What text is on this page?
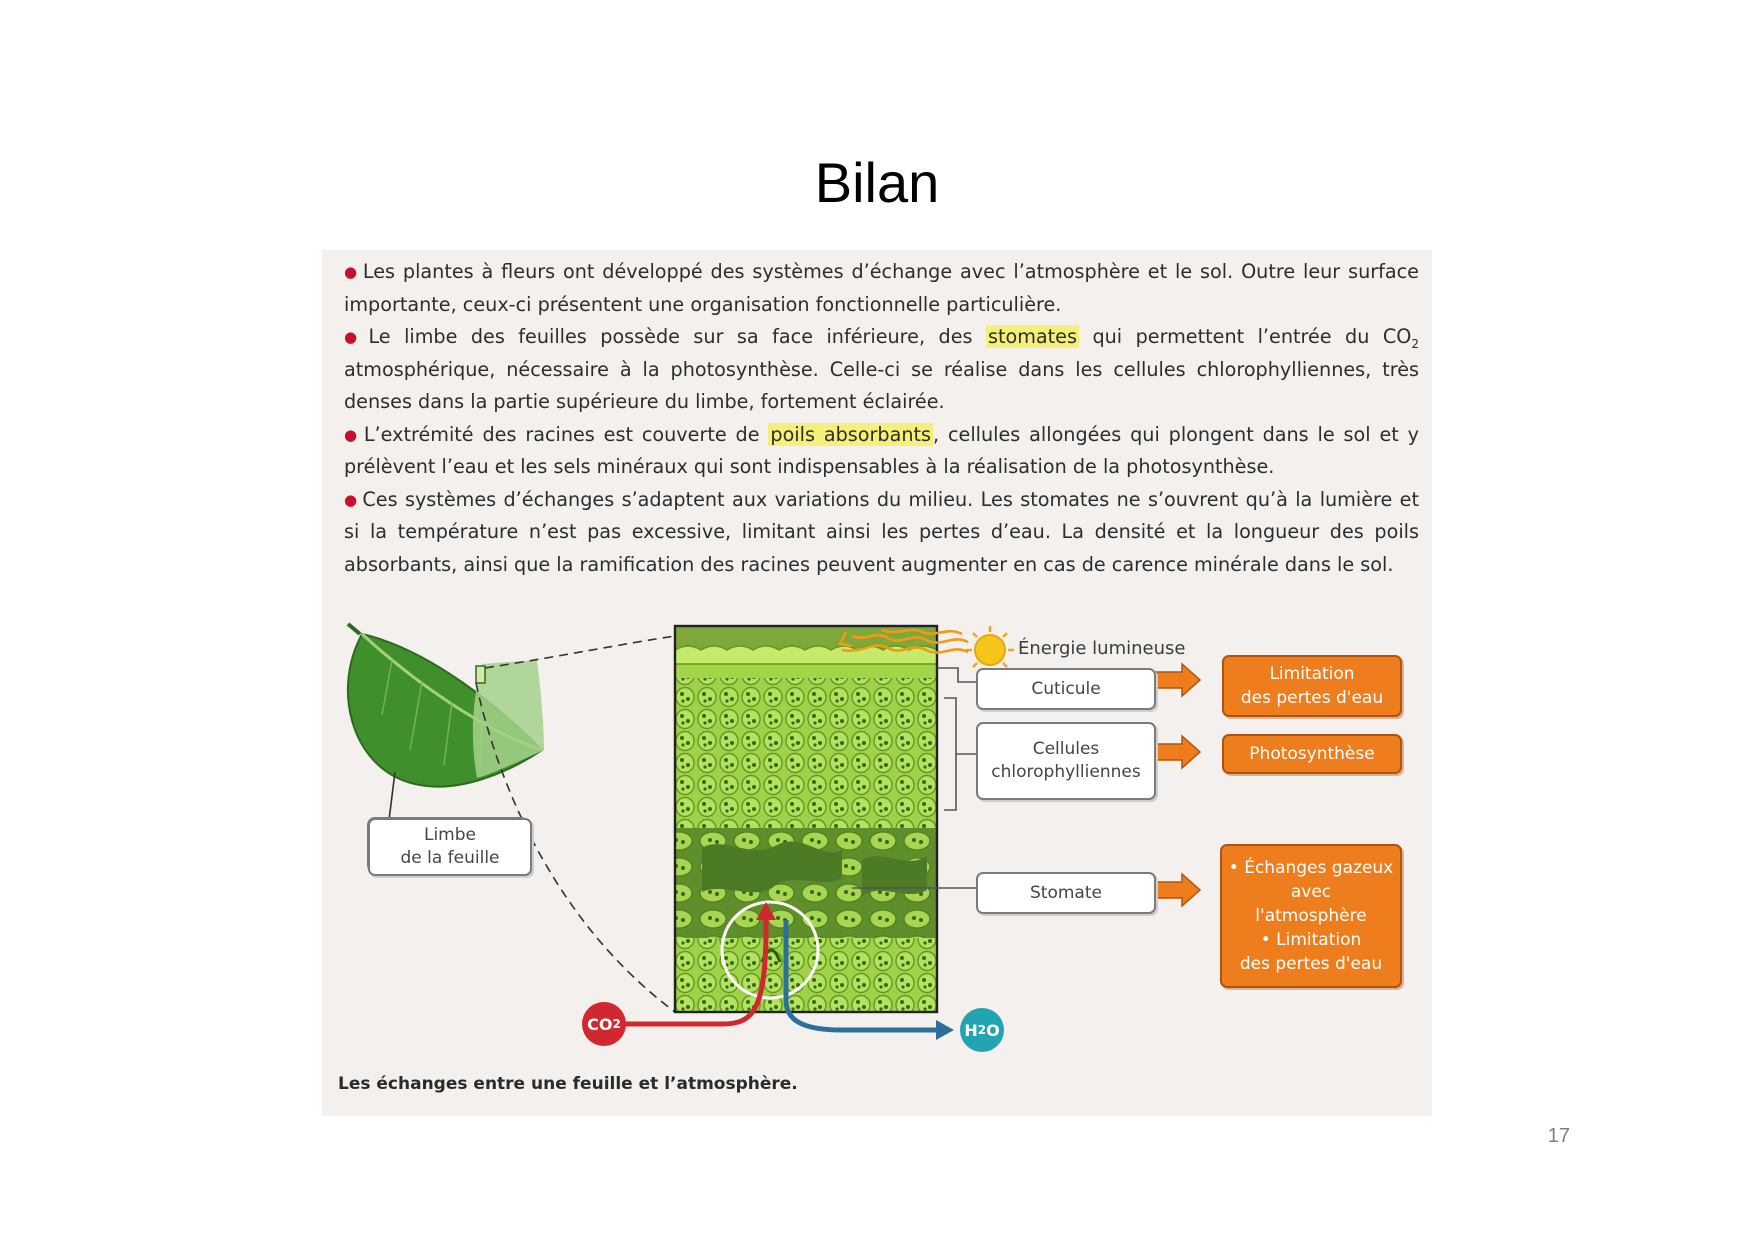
Bilan

● Les plantes à fleurs ont développé des systèmes d’échange avec l’atmosphère et le sol. Outre leur surface importante, ceux-ci présentent une organisation fonctionnelle particulière.

● Le limbe des feuilles possède sur sa face inférieure, des stomates qui permettent l’entrée du $CO_2$ atmosphérique, nécessaire à la photosynthèse. Celle-ci se réalise dans les cellules chlorophylliennes, très denses dans la partie supérieure du limbe, fortement éclairée.

● L’extrémité des racines est couverte de poils absorbants , cellules allongées qui plongent dans le sol et y prélèvent l’eau et les sels minéraux qui sont indispensables à la réalisation de la photosynthèse.

● Ces systèmes d’échanges s’adaptent aux variations du milieu. Les stomates ne s’ouvrent qu’à la lumière et si la température n’est pas excessive, limitant ainsi les pertes d’eau. La densité et la longueur des poils absorbants, ainsi que la ramification des racines peuvent augmenter en cas de carence minérale dans le sol.

Limbe
de la feuille
Énergie lumineuse
Cuticule
Cellules
chlorophylliennes
Stomate
Limitation
des pertes d'eau
Photosynthèse
• Échanges gazeux
avec
l'atmosphère
• Limitation
des pertes d'eau
CO 2	H 2 O
Les échanges entre une feuille et l’atmosphère.
17
